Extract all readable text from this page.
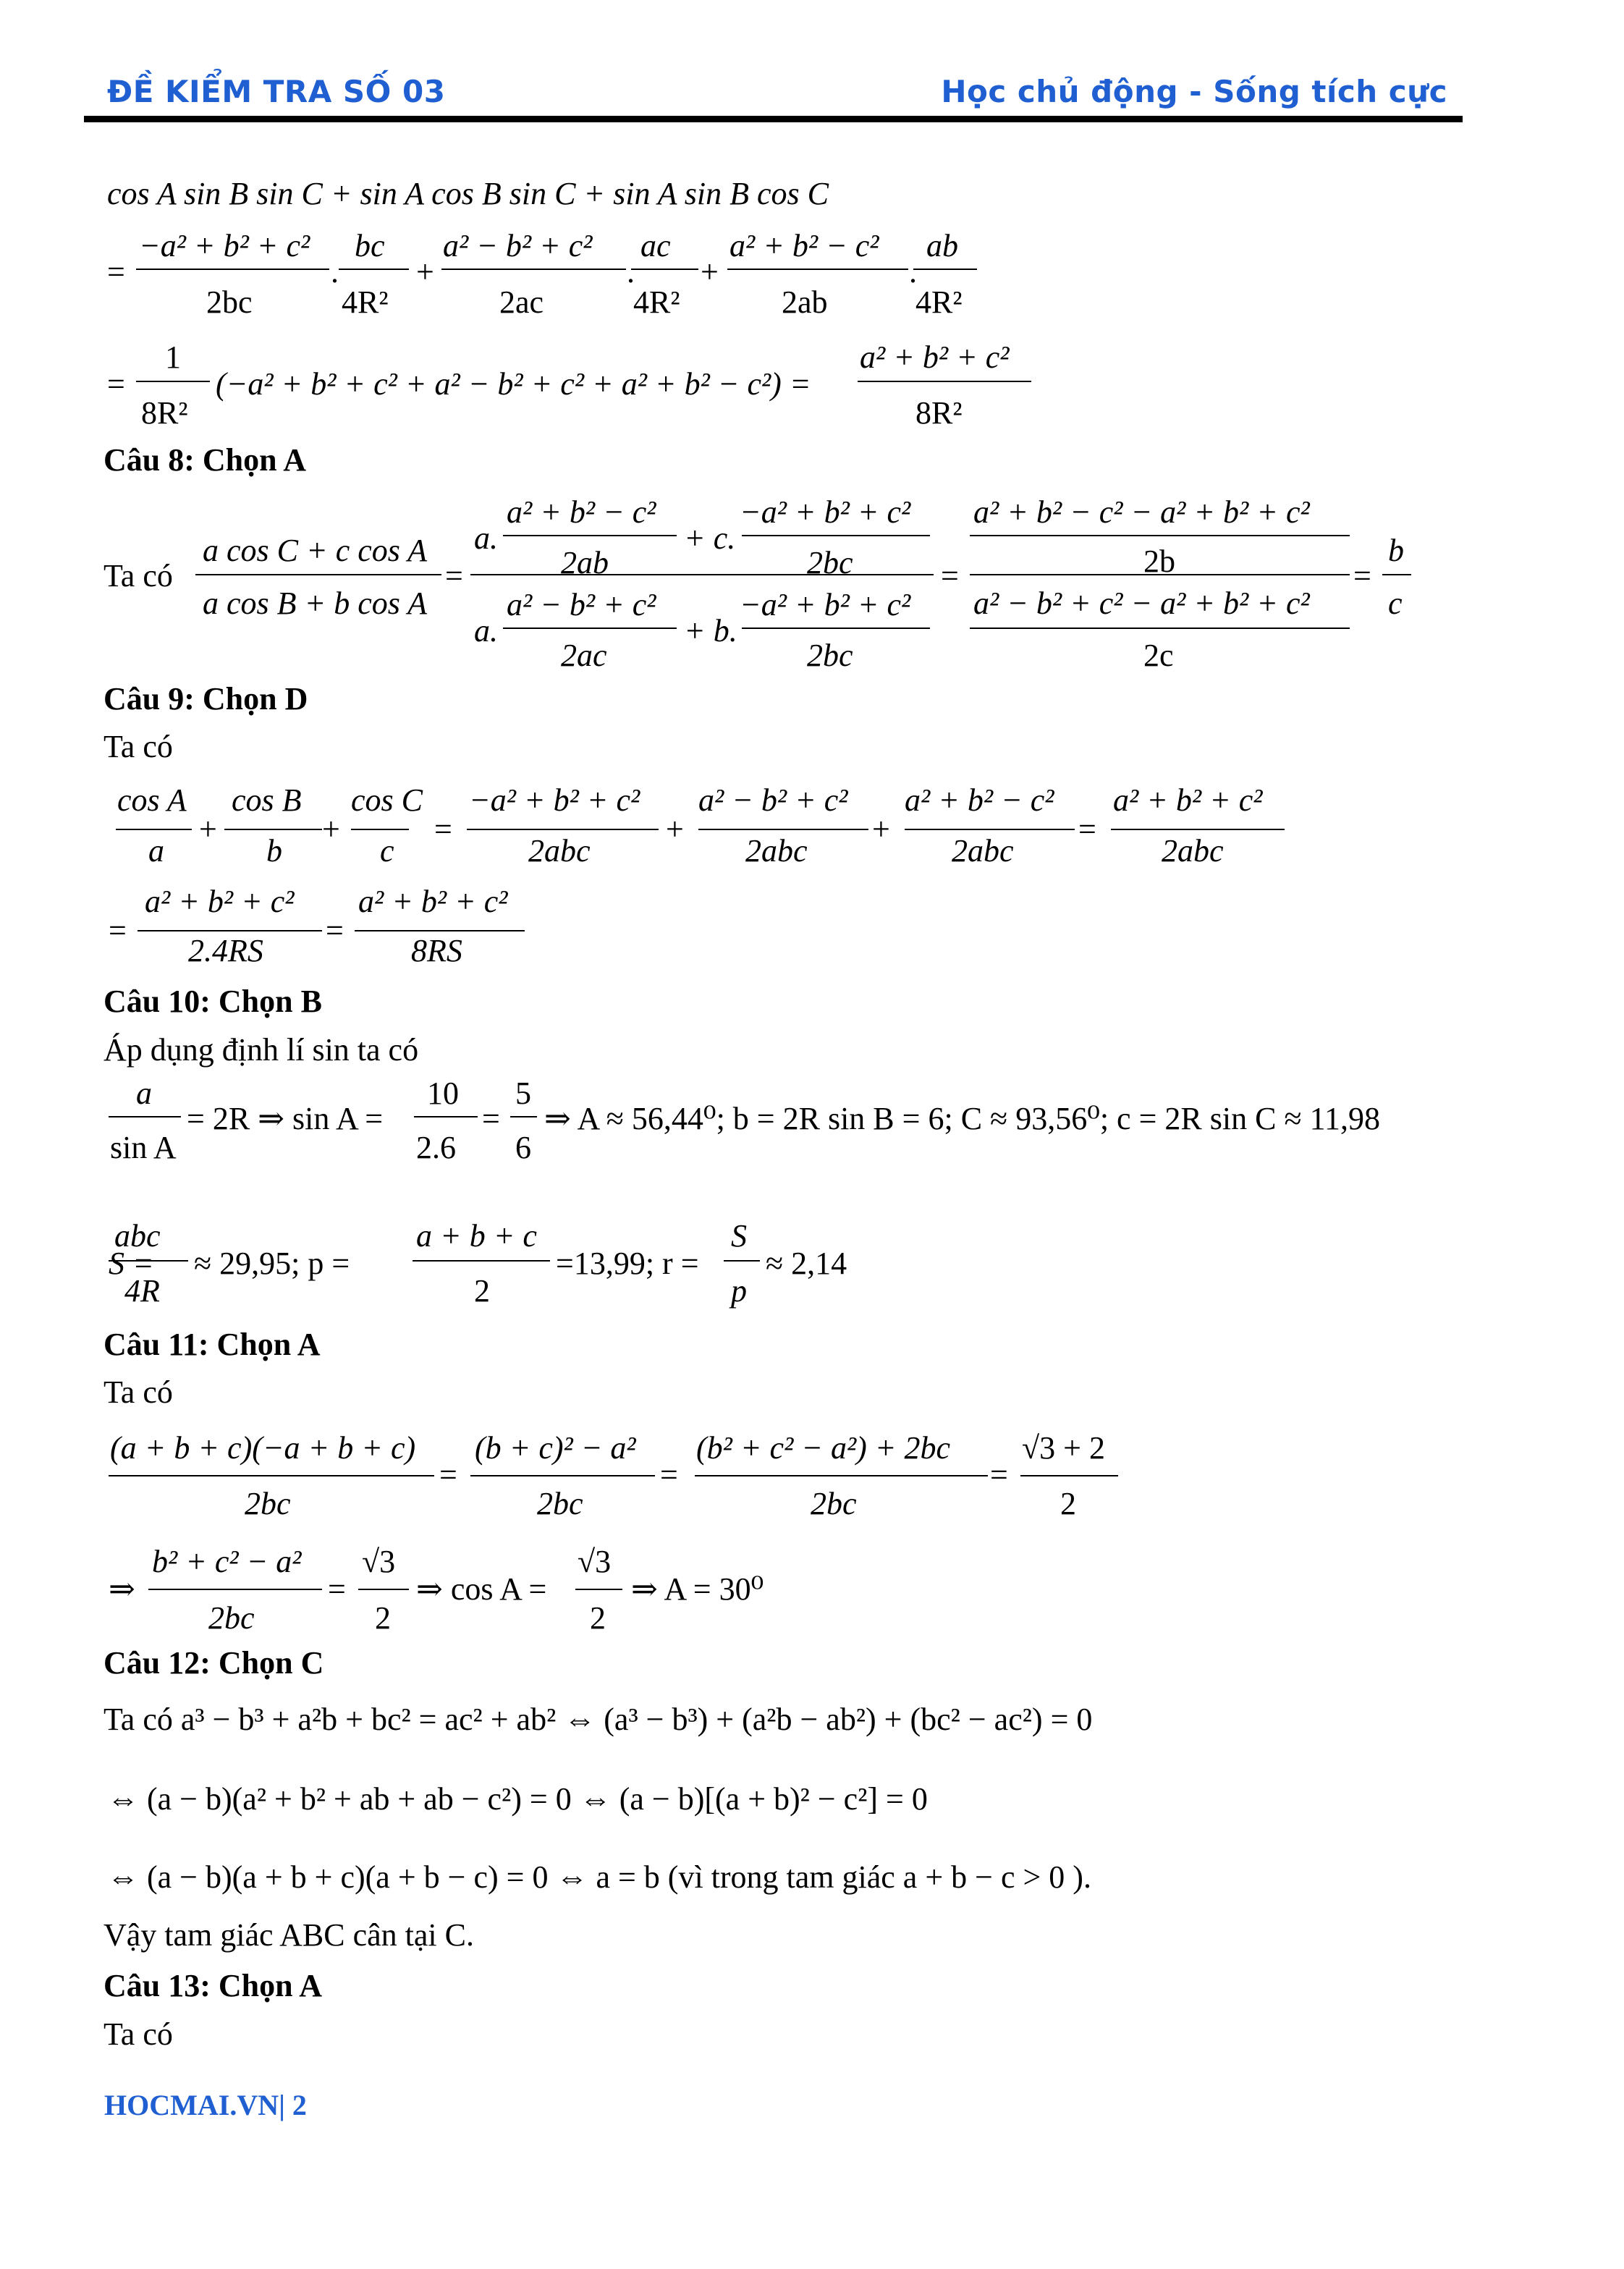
ĐỀ KIỂM TRA SỐ 03	Học chủ động - Sống tích cực
cos A sin B sin C + sin A cos B sin C + sin A sin B cos C
=
−a² + b² + c²
2bc
.
bc
4R²
+
a² − b² + c²
2ac
.
ac
4R²
+
a² + b² − c²
2ab
.
ab
4R²
=
1
8R²
(−a² + b² + c² + a² − b² + c² + a² + b² − c²) =
a² + b² + c²
8R²
Câu 8: Chọn A
Ta có
a cos C + c cos A
a cos B + b cos A
=
a.
a² + b² − c²
2ab
+ c.
−a² + b² + c²
2bc
a.
a² − b² + c²
2ac
+ b.
−a² + b² + c²
2bc
=
a² + b² − c² − a² + b² + c²
2b
a² − b² + c² − a² + b² + c²
2c
=
b
c
Câu 9: Chọn D
Ta có
cos A
a
+
cos B
b
+
cos C
c
=
−a² + b² + c²
2abc
+
a² − b² + c²
2abc
+
a² + b² − c²
2abc
=
a² + b² + c²
2abc
=
a² + b² + c²
2.4RS
=
a² + b² + c²
8RS
Câu 10: Chọn B
Áp dụng định lí sin ta có
a
sin A
= 2R ⇒ sin A =
10
2.6
=
5
6
⇒ A ≈ 56,44⁰; b = 2R sin B = 6; C ≈ 93,56⁰; c = 2R sin C ≈ 11,98
S =
abc
4R
≈ 29,95; p =
a + b + c
2
=13,99; r =
S
p
≈ 2,14
Câu 11: Chọn A
Ta có
(a + b + c)(−a + b + c)
2bc
=
(b + c)² − a²
2bc
=
(b² + c² − a²) + 2bc
2bc
=
√3 + 2
2
⇒
b² + c² − a²
2bc
=
√3
2
⇒ cos A =
√3
2
⇒ A = 30⁰
Câu 12: Chọn C
Ta có a³ − b³ + a²b + bc² = ac² + ab² ⇔ (a³ − b³) + (a²b − ab²) + (bc² − ac²) = 0
⇔ (a − b)(a² + b² + ab + ab − c²) = 0 ⇔ (a − b)[(a + b)² − c²] = 0
⇔ (a − b)(a + b + c)(a + b − c) = 0 ⇔ a = b (vì trong tam giác a + b − c > 0 ).
Vậy tam giác ABC cân tại C.
Câu 13: Chọn A
Ta có
HOCMAI.VN| 2
